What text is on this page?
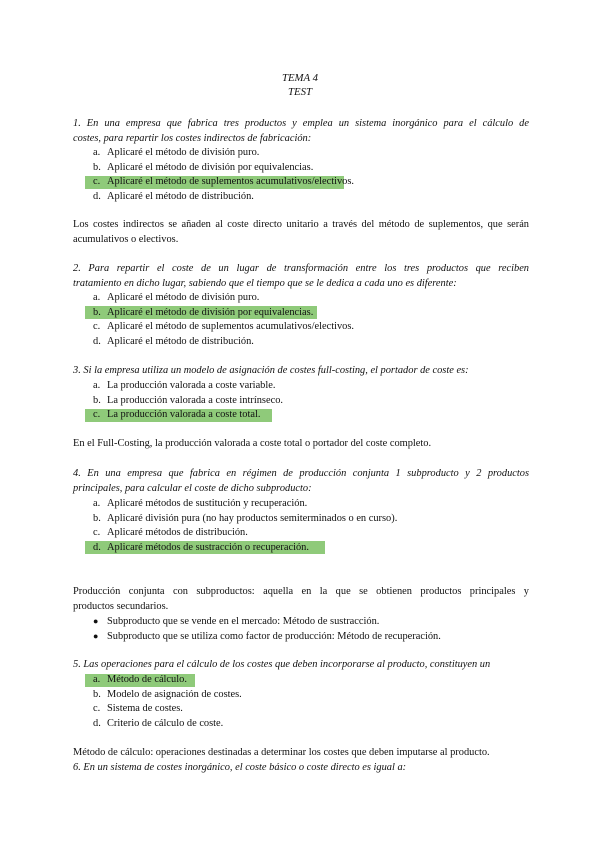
TEMA 4
TEST
1. En una empresa que fabrica tres productos y emplea un sistema inorgánico para el cálculo de
costes, para repartir los costes indirectos de fabricación:
a. Aplicaré el método de división puro.
b. Aplicaré el método de división por equivalencias.
c. Aplicaré el método de suplementos acumulativos/electivos.
d. Aplicaré el método de distribución.
Los costes indirectos se añaden al coste directo unitario a través del método de suplementos, que serán
acumulativos o electivos.
2. Para repartir el coste de un lugar de transformación entre los tres productos que reciben
tratamiento en dicho lugar, sabiendo que el tiempo que se le dedica a cada uno es diferente:
a. Aplicaré el método de división puro.
b. Aplicaré el método de división por equivalencias.
c. Aplicaré el método de suplementos acumulativos/electivos.
d. Aplicaré el método de distribución.
3. Si la empresa utiliza un modelo de asignación de costes full-costing, el portador de coste es:
a. La producción valorada a coste variable.
b. La producción valorada a coste intrínseco.
c. La producción valorada a coste total.
En el Full-Costing, la producción valorada a coste total o portador del coste completo.
4. En una empresa que fabrica en régimen de producción conjunta 1 subproducto y 2 productos
principales, para calcular el coste de dicho subproducto:
a. Aplicaré métodos de sustitución y recuperación.
b. Aplicaré división pura (no hay productos semiterminados o en curso).
c. Aplicaré métodos de distribución.
d. Aplicaré métodos de sustracción o recuperación.
Producción conjunta con subproductos: aquella en la que se obtienen productos principales y
productos secundarios.
● Subproducto que se vende en el mercado: Método de sustracción.
● Subproducto que se utiliza como factor de producción: Método de recuperación.
5. Las operaciones para el cálculo de los costes que deben incorporarse al producto, constituyen un
a. Método de cálculo.
b. Modelo de asignación de costes.
c. Sistema de costes.
d. Criterio de cálculo de coste.
Método de cálculo: operaciones destinadas a determinar los costes que deben imputarse al producto.
6. En un sistema de costes inorgánico, el coste básico o coste directo es igual a:
